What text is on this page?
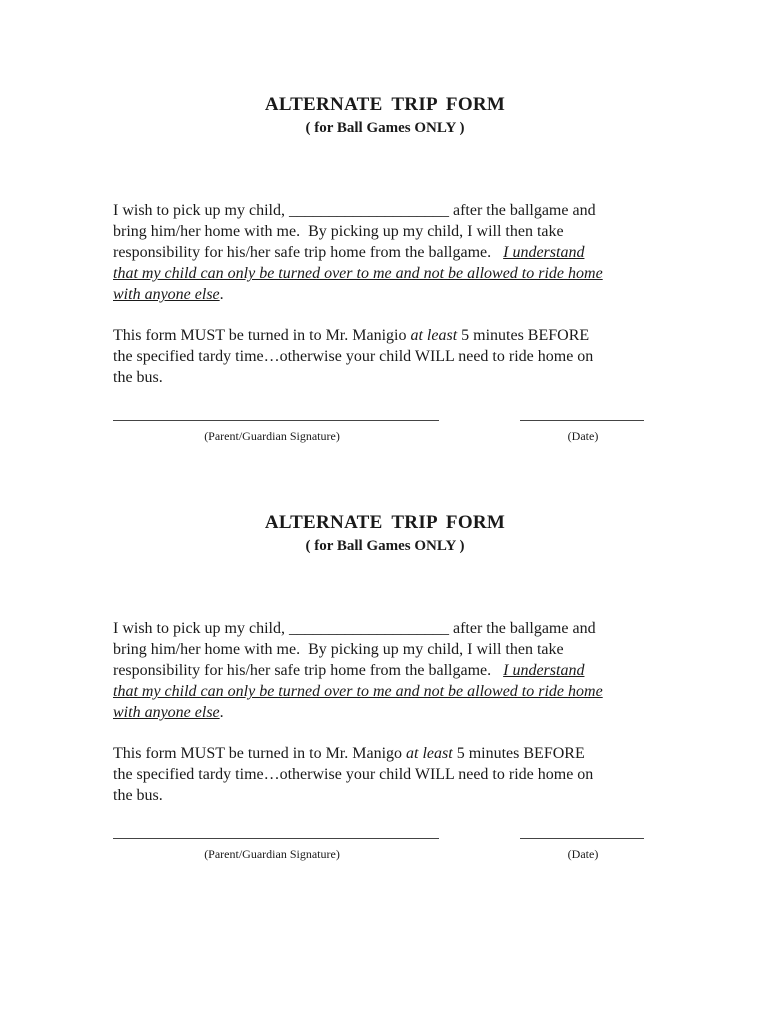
ALTERNATE TRIP FORM
( for Ball Games ONLY )
I wish to pick up my child, ____________________ after the ballgame and
bring him/her home with me.  By picking up my child, I will then take
responsibility for his/her safe trip home from the ballgame.   I understand
that my child can only be turned over to me and not be allowed to ride home
with anyone else.
This form MUST be turned in to Mr. Manigio at least 5 minutes BEFORE
the specified tardy time…otherwise your child WILL need to ride home on
the bus.
(Parent/Guardian Signature)	(Date)
ALTERNATE TRIP FORM
( for Ball Games ONLY )
I wish to pick up my child, ____________________ after the ballgame and
bring him/her home with me.  By picking up my child, I will then take
responsibility for his/her safe trip home from the ballgame.   I understand
that my child can only be turned over to me and not be allowed to ride home
with anyone else.
This form MUST be turned in to Mr. Manigo at least 5 minutes BEFORE
the specified tardy time…otherwise your child WILL need to ride home on
the bus.
(Parent/Guardian Signature)	(Date)
